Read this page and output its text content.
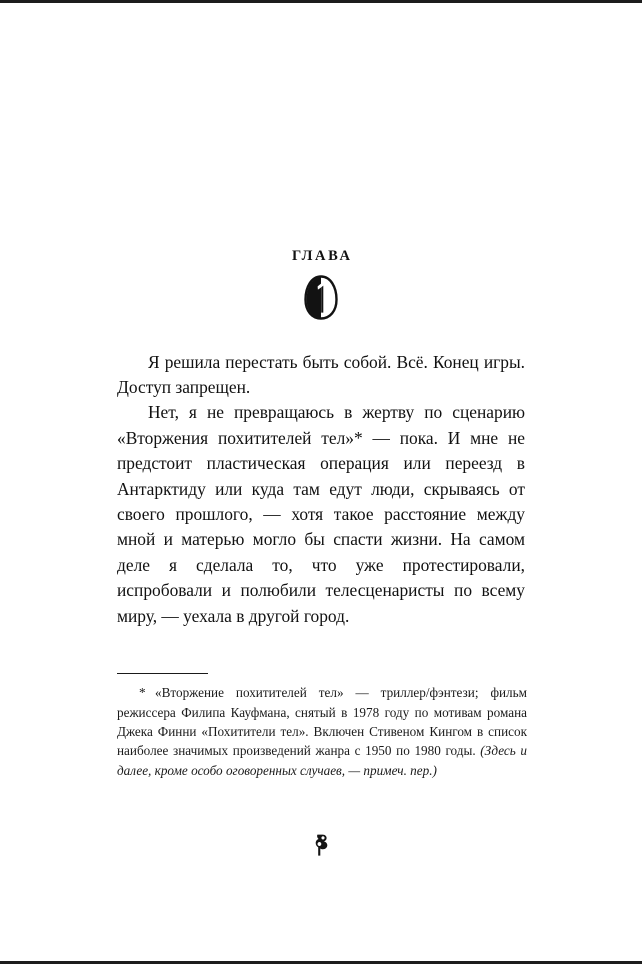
ГЛАВА

Я решила перестать быть собой. Всё. Конец игры. Доступ запрещен.

Нет, я не превращаюсь в жертву по сценарию «Вторжения похитителей тел»* — пока. И мне не предстоит пластическая операция или переезд в Антарктиду или куда там едут люди, скрываясь от своего прошлого, — хотя такое расстояние между мной и матерью могло бы спасти жизни. На самом деле я сделала то, что уже протестировали, испробовали и полюбили телесценаристы по всему миру, — уехала в другой город.

* «Вторжение похитителей тел» — триллер/фэнтези; фильм режиссера Филипа Кауфмана, снятый в 1978 году по мотивам романа Джека Финни «Похитители тел». Включен Стивеном Кингом в список наиболее значимых произведений жанра с 1950 по 1980 годы. (Здесь и далее, кроме особо оговоренных случаев, — примеч. пер.)
